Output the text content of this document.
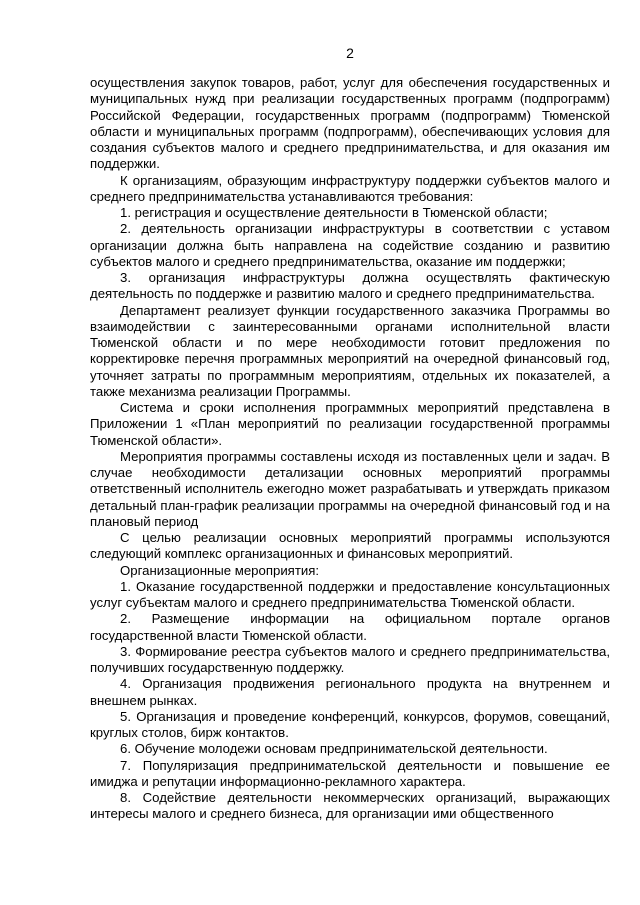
2

осуществления закупок товаров, работ, услуг для обеспечения государственных и муниципальных нужд при реализации государственных программ (подпрограмм) Российской Федерации, государственных программ (подпрограмм) Тюменской области и муниципальных программ (подпрограмм), обеспечивающих условия для создания субъектов малого и среднего предпринимательства, и для оказания им поддержки.

К организациям, образующим инфраструктуру поддержки субъектов малого и среднего предпринимательства устанавливаются требования:

1. регистрация и осуществление деятельности в Тюменской области;

2. деятельность организации инфраструктуры в соответствии с уставом организации должна быть направлена на содействие созданию и развитию субъектов малого и среднего предпринимательства, оказание им поддержки;

3. организация инфраструктуры должна осуществлять фактическую деятельность по поддержке и развитию малого и среднего предпринимательства.

Департамент реализует функции государственного заказчика Программы во взаимодействии с заинтересованными органами исполнительной власти Тюменской области и по мере необходимости готовит предложения по корректировке перечня программных мероприятий на очередной финансовый год, уточняет затраты по программным мероприятиям, отдельных их показателей, а также механизма реализации Программы.

Система и сроки исполнения программных мероприятий представлена в Приложении 1 «План мероприятий по реализации государственной программы Тюменской области».

Мероприятия программы составлены исходя из поставленных цели и задач. В случае необходимости детализации основных мероприятий программы ответственный исполнитель ежегодно может разрабатывать и утверждать приказом детальный план-график реализации программы на очередной финансовый год и на плановый период

С целью реализации основных мероприятий программы используются следующий комплекс организационных и финансовых мероприятий.

Организационные мероприятия:

1. Оказание государственной поддержки и предоставление консультационных услуг субъектам малого и среднего предпринимательства Тюменской области.

2. Размещение информации на официальном портале органов государственной власти Тюменской области.

3. Формирование реестра субъектов малого и среднего предпринимательства, получивших государственную поддержку.

4. Организация продвижения регионального продукта на внутреннем и внешнем рынках.

5. Организация и проведение конференций, конкурсов, форумов, совещаний, круглых столов, бирж контактов.

6. Обучение молодежи основам предпринимательской деятельности.

7. Популяризация предпринимательской деятельности и повышение ее имиджа и репутации информационно-рекламного характера.

8. Содействие деятельности некоммерческих организаций, выражающих интересы малого и среднего бизнеса, для организации ими общественного
